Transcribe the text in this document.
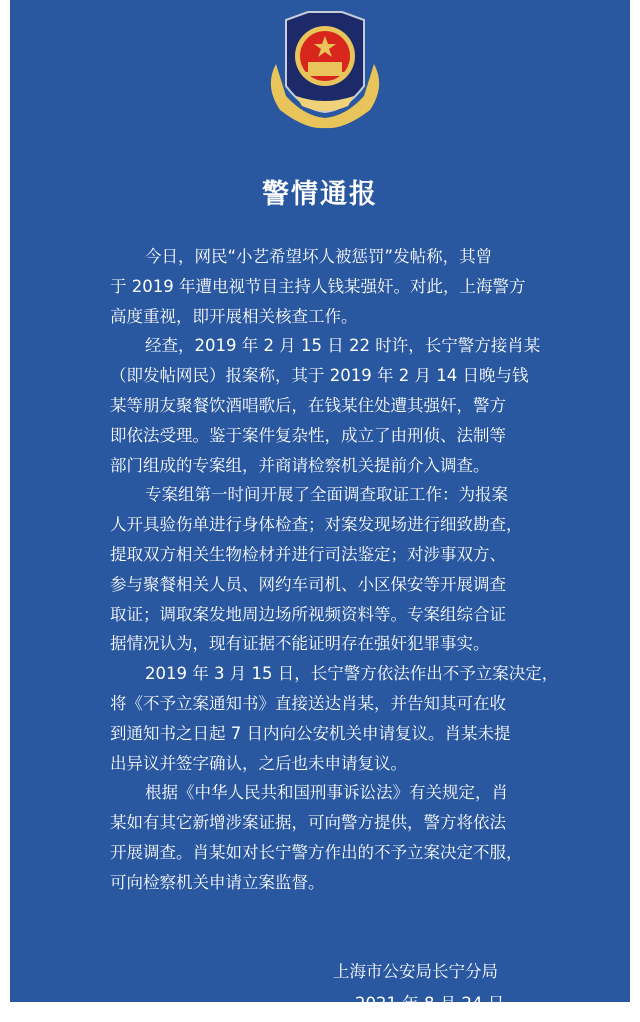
警情通报
今日，网民“小艺希望坏人被惩罚”发帖称，其曾
于 2019 年遭电视节目主持人钱某强奸。对此，上海警方
高度重视，即开展相关核查工作。
经查，2019 年 2 月 15 日 22 时许，长宁警方接肖某
（即发帖网民）报案称，其于 2019 年 2 月 14 日晚与钱
某等朋友聚餐饮酒唱歌后，在钱某住处遭其强奸，警方
即依法受理。鉴于案件复杂性，成立了由刑侦、法制等
部门组成的专案组，并商请检察机关提前介入调查。
专案组第一时间开展了全面调查取证工作：为报案
人开具验伤单进行身体检查；对案发现场进行细致勘查，
提取双方相关生物检材并进行司法鉴定；对涉事双方、
参与聚餐相关人员、网约车司机、小区保安等开展调查
取证；调取案发地周边场所视频资料等。专案组综合证
据情况认为，现有证据不能证明存在强奸犯罪事实。
2019 年 3 月 15 日，长宁警方依法作出不予立案决定，
将《不予立案通知书》直接送达肖某，并告知其可在收
到通知书之日起 7 日内向公安机关申请复议。肖某未提
出异议并签字确认，之后也未申请复议。
根据《中华人民共和国刑事诉讼法》有关规定，肖
某如有其它新增涉案证据，可向警方提供，警方将依法
开展调查。肖某如对长宁警方作出的不予立案决定不服，
可向检察机关申请立案监督。
上海市公安局长宁分局
2021 年 8 月 24 日
